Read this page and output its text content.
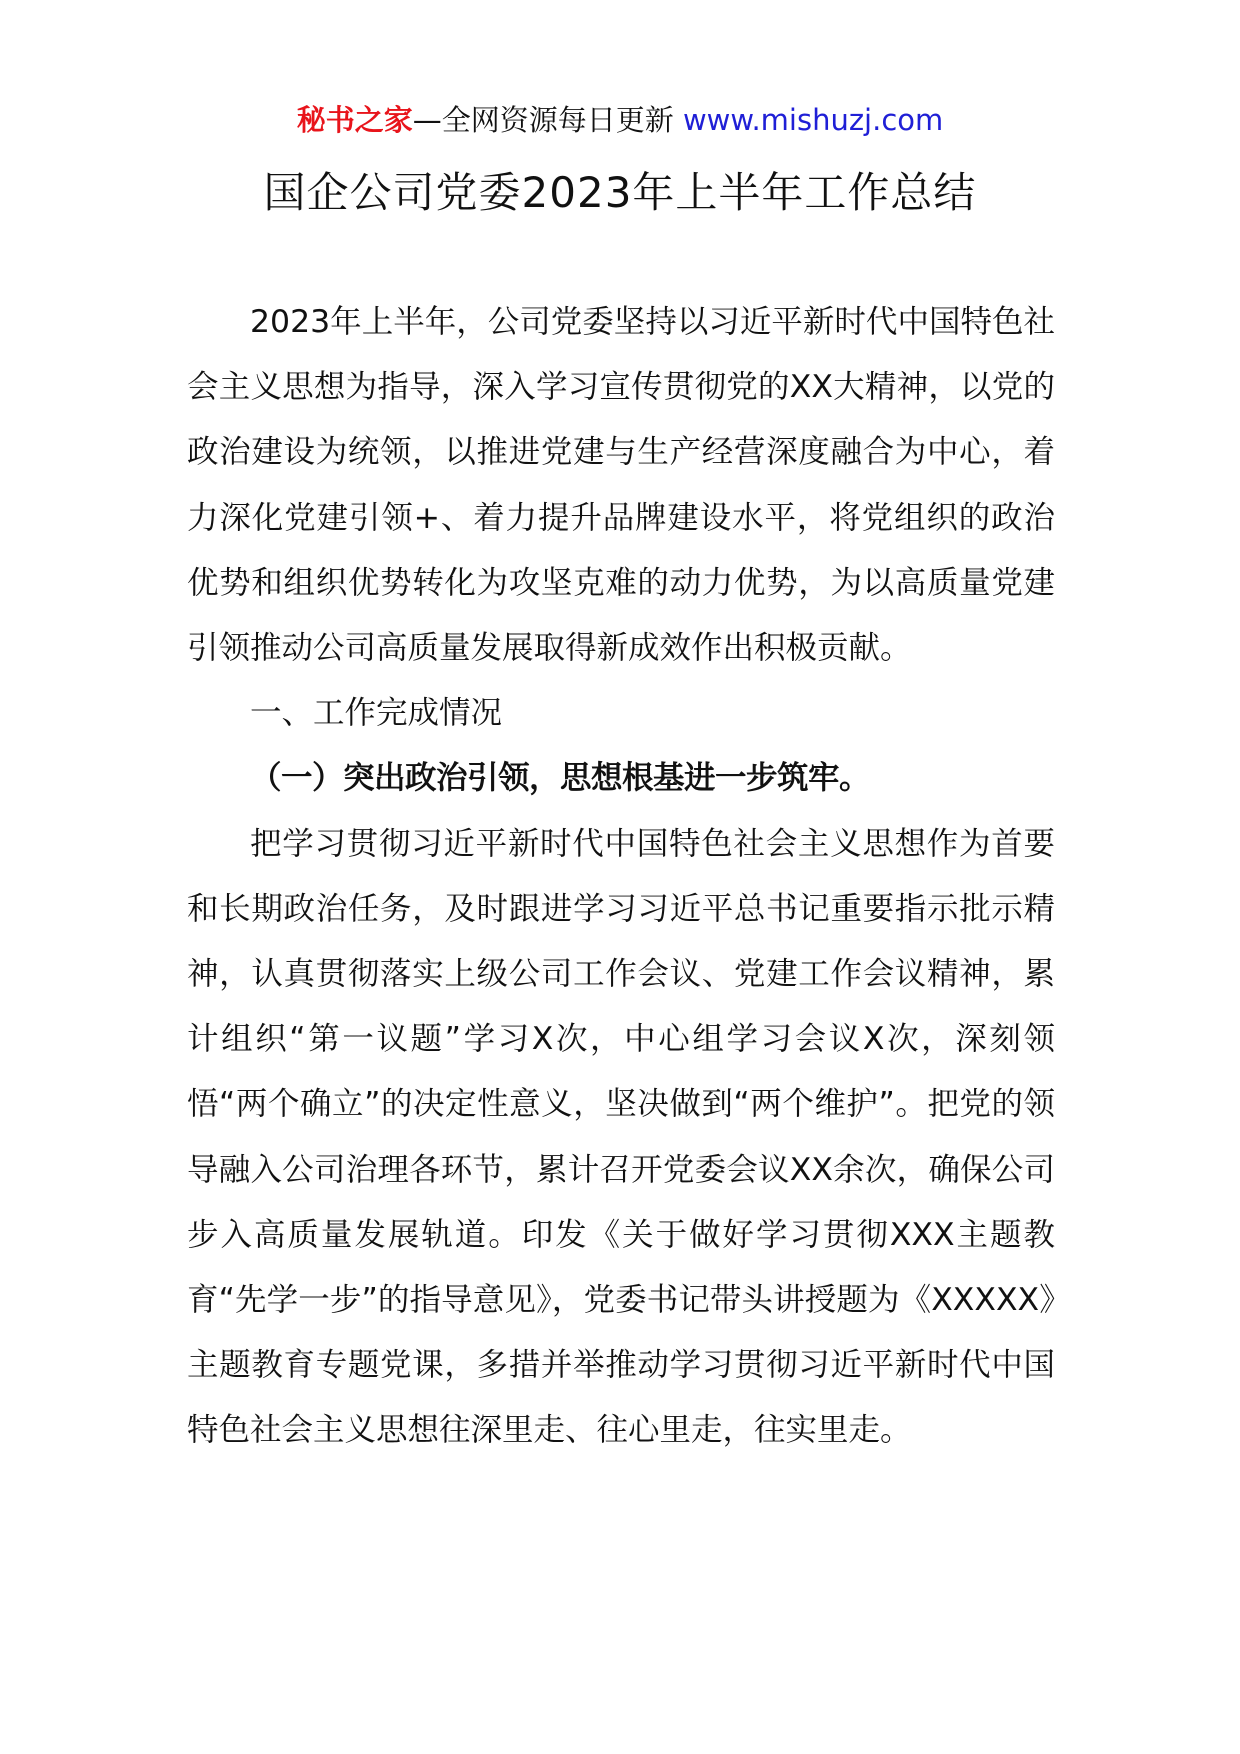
秘书之家—全网资源每日更新 www.mishuzj.com
国企公司党委2023年上半年工作总结

2023年上半年，公司党委坚持以习近平新时代中国特色社会主义思想为指导，深入学习宣传贯彻党的XX大精神，以党的政治建设为统领，以推进党建与生产经营深度融合为中心，着力深化党建引领+、着力提升品牌建设水平，将党组织的政治优势和组织优势转化为攻坚克难的动力优势，为以高质量党建引领推动公司高质量发展取得新成效作出积极贡献。

一、工作完成情况

（一）突出政治引领，思想根基进一步筑牢。

把学习贯彻习近平新时代中国特色社会主义思想作为首要和长期政治任务，及时跟进学习习近平总书记重要指示批示精神，认真贯彻落实上级公司工作会议、党建工作会议精神，累计组织“第一议题”学习X次，中心组学习会议X次，深刻领悟“两个确立”的决定性意义，坚决做到“两个维护”。把党的领导融入公司治理各环节，累计召开党委会议XX余次，确保公司步入高质量发展轨道。印发《关于做好学习贯彻XXX主题教育“先学一步”的指导意见》，党委书记带头讲授题为《XXXXX》主题教育专题党课，多措并举推动学习贯彻习近平新时代中国特色社会主义思想往深里走、往心里走，往实里走。
